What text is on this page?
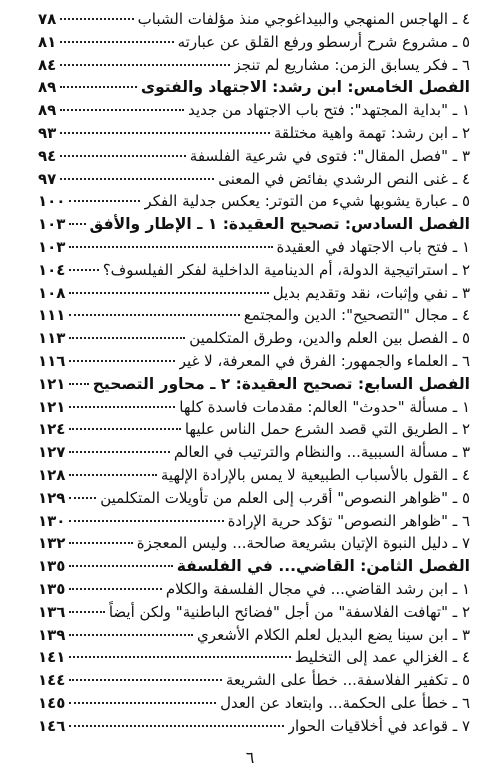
٤ ـ الهاجس المنهجي والبيداغوجي منذ مؤلفات الشباب
٧٨
٥ ـ مشروع شرح أرسطو ورفع القلق عن عبارته
٨١
٦ ـ فكر يسابق الزمن: مشاريع لم تنجز
٨٤
الفصل الخامس: ابن رشد: الاجتهاد والفتوى
٨٩
١ ـ "بداية المجتهد": فتح باب الاجتهاد من جديد
٨٩
٢ ـ ابن رشد: تهمة واهية مختلقة
٩٣
٣ ـ "فصل المقال": فتوى في شرعية الفلسفة
٩٤
٤ ـ غنى النص الرشدي بفائض في المعنى
٩٧
٥ ـ عبارة يشوبها شيء من التوتر: يعكس جدلية الفكر
١٠٠
الفصل السادس: تصحيح العقيدة: ١ ـ الإطار والأفق
١٠٣
١ ـ فتح باب الاجتهاد في العقيدة
١٠٣
٢ ـ استراتيجية الدولة، أم الدينامية الداخلية لفكر الفيلسوف؟
١٠٤
٣ ـ نفي وإثبات، نقد وتقديم بديل
١٠٨
٤ ـ مجال "التصحيح": الدين والمجتمع
١١١
٥ ـ الفصل بين العلم والدين، وطرق المتكلمين
١١٣
٦ ـ العلماء والجمهور: الفرق في المعرفة، لا غير
١١٦
الفصل السابع: تصحيح العقيدة: ٢ ـ محاور التصحيح
١٢١
١ ـ مسألة "حدوث" العالم: مقدمات فاسدة كلها
١٢١
٢ ـ الطريق التي قصد الشرع حمل الناس عليها
١٢٤
٣ ـ مسألة السببية... والنظام والترتيب في العالم
١٢٧
٤ ـ القول بالأسباب الطبيعية لا يمس بالإرادة الإلهية
١٢٨
٥ ـ "ظواهر النصوص" أقرب إلى العلم من تأويلات المتكلمين
١٢٩
٦ ـ "ظواهر النصوص" تؤكد حرية الإرادة
١٣٠
٧ ـ دليل النبوة الإتيان بشريعة صالحة... وليس المعجزة
١٣٢
الفصل الثامن: القاضي... في الفلسفة
١٣٥
١ ـ ابن رشد القاضي... في مجال الفلسفة والكلام
١٣٥
٢ ـ "تهافت الفلاسفة" من أجل "فضائح الباطنية" ولكن أيضاً
١٣٦
٣ ـ ابن سينا يضع البديل لعلم الكلام الأشعري
١٣٩
٤ ـ الغزالي عمد إلى التخليط
١٤١
٥ ـ تكفير الفلاسفة... خطأ على الشريعة
١٤٤
٦ ـ خطأ على الحكمة... وابتعاد عن العدل
١٤٥
٧ ـ قواعد في أخلاقيات الحوار
١٤٦
٦
